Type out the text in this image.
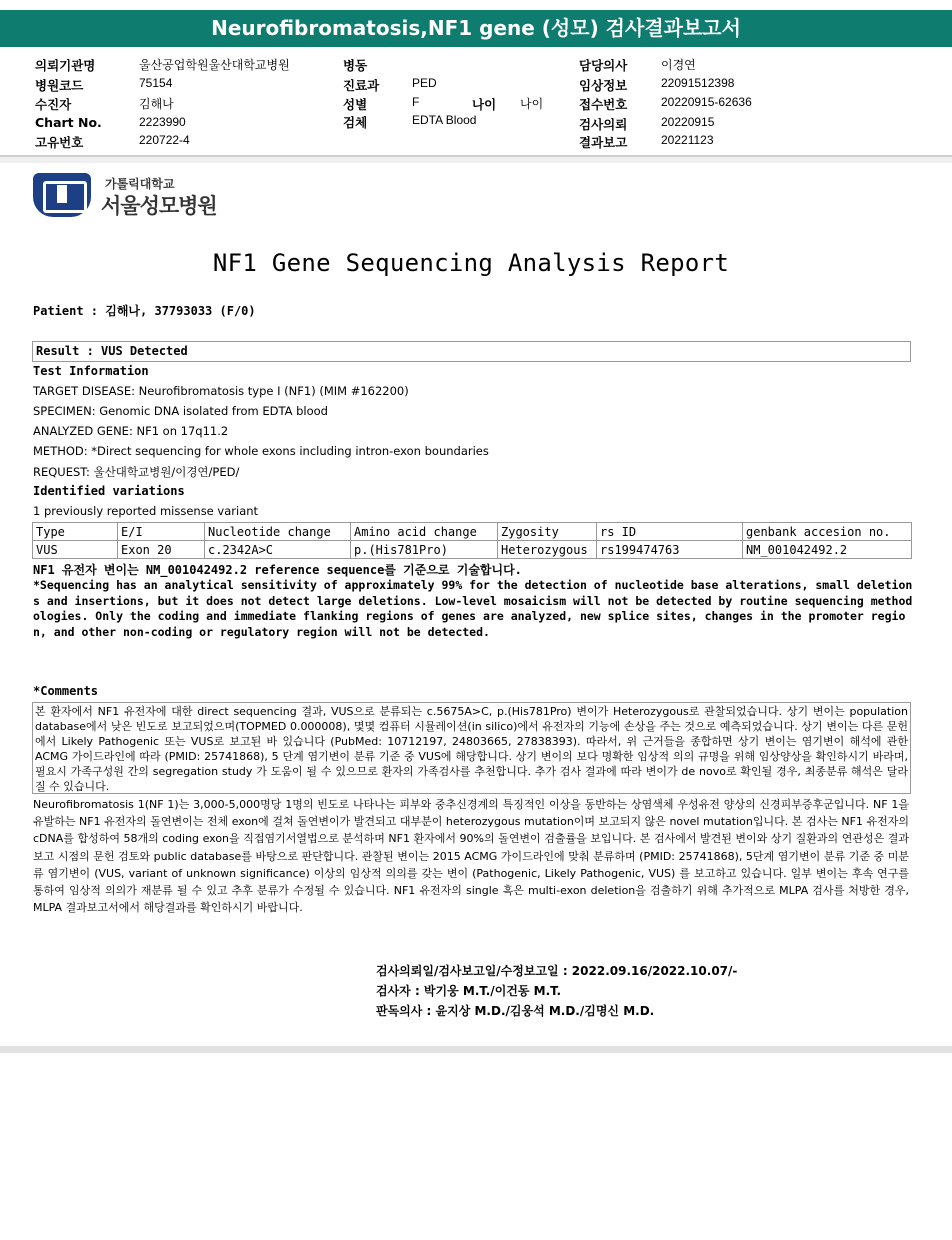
Neurofibromatosis,NF1 gene (성모) 검사결과보고서
의뢰기관명	울산공업학원울산대학교병원
병원코드	75154
수진자	김해나
Chart No.	2223990
고유번호	220722-4
병동
진료과	PED
성별	F	나이 나이
검체	EDTA Blood
담당의사	이경연
임상정보	22091512398
접수번호	20220915-62636
검사의뢰	20220915
결과보고	20221123
가톨릭대학교
서울성모병원
NF1 Gene Sequencing Analysis Report
Patient : 김해나, 37793033 (F/0)
Result : VUS Detected
Test Information
TARGET DISEASE: Neurofibromatosis type I (NF1) (MIM #162200)
SPECIMEN: Genomic DNA isolated from EDTA blood
ANALYZED GENE: NF1 on 17q11.2
METHOD: *Direct sequencing for whole exons including intron-exon boundaries
REQUEST: 울산대학교병원/이경연/PED/
Identified variations
1 previously reported missense variant
Type	E/I	Nucleotide change	Amino acid change	Zygosity	rs ID	genbank accesion no.
VUS	Exon 20	c.2342A>C	p.(His781Pro)	Heterozygous	rs199474763	NM_001042492.2
NF1 유전자 변이는 NM_001042492.2 reference sequence를 기준으로 기술합니다.
*Sequencing has an analytical sensitivity of approximately 99% for the detection of nucleotide base alterations, small deletions and insertions, but it does not detect large deletions. Low-level mosaicism will not be detected by routine sequencing methodologies. Only the coding and immediate flanking regions of genes are analyzed, new splice sites, changes in the promoter region, and other non-coding or regulatory region will not be detected.
*Comments
본 환자에서 NF1 유전자에 대한 direct sequencing 결과, VUS으로 분류되는 c.5675A>C, p.(His781Pro) 변이가 Heterozygous로 관찰되었습니다. 상기 변이는 population database에서 낮은 빈도로 보고되었으며(TOPMED 0.000008), 몇몇 컴퓨터 시뮬레이션(in silico)에서 유전자의 기능에 손상을 주는 것으로 예측되었습니다. 상기 변이는 다른 문헌에서 Likely Pathogenic 또는 VUS로 보고된 바 있습니다 (PubMed: 10712197, 24803665, 27838393). 따라서, 위 근거들을 종합하면 상기 변이는 염기변이 해석에 관한 ACMG 가이드라인에 따라 (PMID: 25741868), 5 단계 염기변이 분류 기준 중 VUS에 해당합니다. 상기 변이의 보다 명확한 임상적 의의 규명을 위해 임상양상을 확인하시기 바라며, 필요시 가족구성원 간의 segregation study 가 도움이 될 수 있으므로 환자의 가족검사를 추천합니다. 추가 검사 결과에 따라 변이가 de novo로 확인될 경우, 최종분류 해석은 달라질 수 있습니다.
Neurofibromatosis 1(NF 1)는 3,000-5,000명당 1명의 빈도로 나타나는 피부와 중추신경계의 특징적인 이상을 동반하는 상염색체 우성유전 양상의 신경피부증후군입니다. NF 1을 유발하는 NF1 유전자의 돌연변이는 전체 exon에 걸쳐 돌연변이가 발견되고 대부분이 heterozygous mutation이며 보고되지 않은 novel mutation입니다. 본 검사는 NF1 유전자의 cDNA를 합성하여 58개의 coding exon을 직접염기서열법으로 분석하며 NF1 환자에서 90%의 돌연변이 검출률을 보입니다. 본 검사에서 발견된 변이와 상기 질환과의 연관성은 결과 보고 시점의 문헌 검토와 public database를 바탕으로 판단합니다. 관찰된 변이는 2015 ACMG 가이드라인에 맞춰 분류하며 (PMID: 25741868), 5단계 염기변이 분류 기준 중 미분류 염기변이 (VUS, variant of unknown significance) 이상의 임상적 의의를 갖는 변이 (Pathogenic, Likely Pathogenic, VUS) 를 보고하고 있습니다. 일부 변이는 후속 연구를 통하여 임상적 의의가 재분류 될 수 있고 추후 분류가 수정될 수 있습니다. NF1 유전자의 single 혹은 multi-exon deletion을 검출하기 위해 추가적으로 MLPA 검사를 처방한 경우, MLPA 결과보고서에서 해당결과를 확인하시기 바랍니다.
검사의뢰일/검사보고일/수정보고일 : 2022.09.16/2022.10.07/-
검사자 : 박기웅 M.T./이건동 M.T.
판독의사 : 윤지상 M.D./김웅석 M.D./김명신 M.D.
